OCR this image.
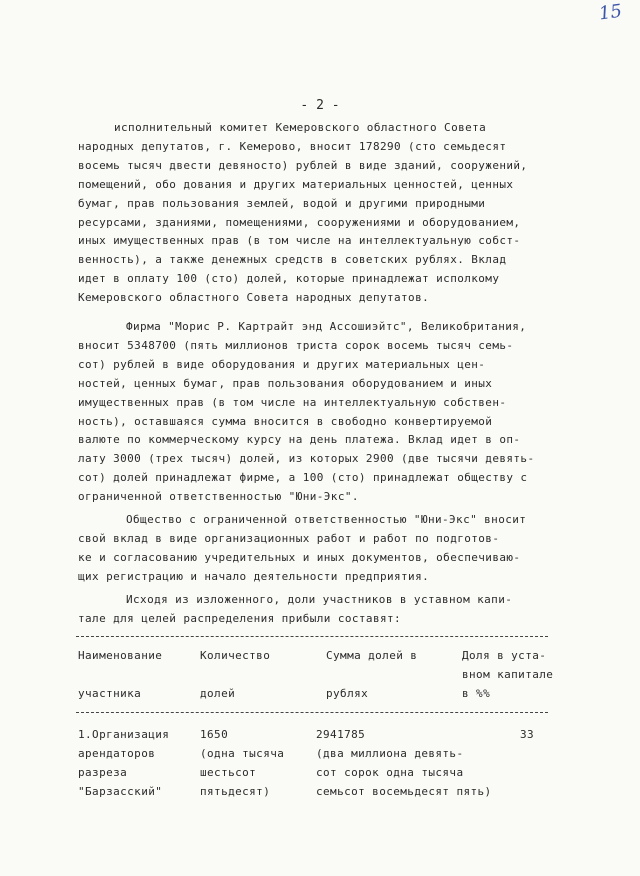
15
- 2 -

исполнительный комитет Кемеровского областного Совета
народных депутатов, г. Кемерово, вносит 178290 (сто семьдесят
восемь тысяч двести девяносто) рублей в виде зданий, сооружений,
помещений, обо дования и других материальных ценностей, ценных
бумаг, прав пользования землей, водой и другими природными
ресурсами, зданиями, помещениями, сооружениями и оборудованием,
иных имущественных прав (в том числе на интеллектуальную собст-
венность), а также денежных средств в советских рублях. Вклад
идет в оплату 100 (сто) долей, которые принадлежат исполкому
Кемеровского областного Совета народных депутатов.

Фирма "Морис Р. Картрайт энд Ассошиэйтс", Великобритания,
вносит 5348700 (пять миллионов триста сорок восемь тысяч семь-
сот) рублей в виде оборудования и других материальных цен-
ностей, ценных бумаг, прав пользования оборудованием и иных
имущественных прав (в том числе на интеллектуальную собствен-
ность), оставшаяся сумма вносится в свободно конвертируемой
валюте по коммерческому курсу на день платежа. Вклад идет в оп-
лату 3000 (трех тысяч) долей, из которых 2900 (две тысячи девять-
сот) долей принадлежат фирме, а 100 (сто) принадлежат обществу с
ограниченной ответственностью "Юни-Экс".

Общество с ограниченной ответственностью "Юни-Экс" вносит
свой вклад в виде организационных работ и работ по подготов-
ке и согласованию учредительных и иных документов, обеспечиваю-
щих регистрацию и начало деятельности предприятия.

Исходя из изложенного, доли участников в уставном капи-
тале для целей распределения прибыли составят:

Наименование

участника
Количество

долей
Сумма долей в

рублях
Доля в уста-
вном капитале
в %%
1.Организация
арендаторов
разреза
"Барзасский"
1650
(одна тысяча
шестьсот
пятьдесят)
2941785
(два миллиона девять-
сот сорок одна тысяча
семьсот восемьдесят пять)
33
